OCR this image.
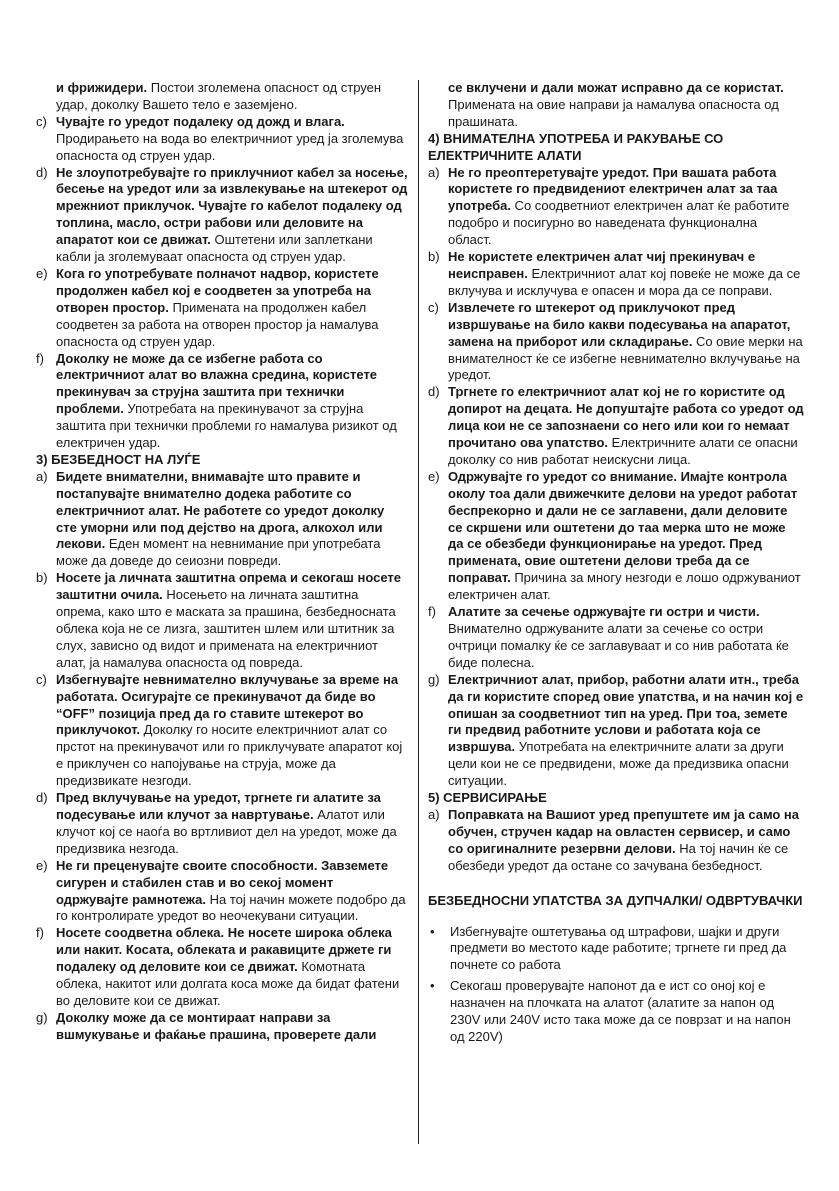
и фрижидери. Постои зголемена опасност од струен удар, доколку Вашето тело е заземјено.
c) Чувајте го уредот подалеку од дожд и влага. Продирањето на вода во електричниот уред ја зголемува опасноста од струен удар.
d) Не злоупотребувајте го приклучниот кабел за носење, бесење на уредот или за извлекување на штекерот од мрежниот приклучок. Чувајте го кабелот подалеку од топлина, масло, остри рабови или деловите на апаратот кои се движат. Оштетени или заплеткани кабли ја зголемуваат опасноста од струен удар.
e) Кога го употребувате полначот надвор, користете продолжен кабел кој е соодветен за употреба на отворен простор. Примената на продолжен кабел соодветен за работа на отворен простор ја намалува опасноста од струен удар.
f) Доколку не може да се избегне работа со електричниот алат во влажна средина, користете прекинувач за струјна заштита при технички проблеми. Употребата на прекинувачот за струјна заштита при технички проблеми го намалува ризикот од електричен удар.
3) БЕЗБЕДНОСТ НА ЛУЃЕ
a) Бидете внимателни, внимавајте што правите и постапувајте внимателно додека работите со електричниот алат. Не работете со уредот доколку сте уморни или под дејство на дрога, алкохол или лекови. Еден момент на невнимание при употребата може да доведе до сеиозни повреди.
b) Носете ја личната заштитна опрема и секогаш носете заштитни очила. Носењето на личната заштитна опрема, како што е маската за прашина, безбедносната облека која не се лизга, заштитен шлем или штитник за слух, зависно од видот и примената на електричниот алат, ја намалува опасноста од повреда.
c) Избегнувајте невнимателно вклучување за време на работата. Осигурајте се прекинувачот да биде во “OFF” позиција пред да го ставите штекерот во приклучокот. Доколку го носите електричниот алат со прстот на прекинувачот или го приклучувате апаратот кој е приклучен со напојување на струја, може да предизвикате незгоди.
d) Пред вклучување на уредот, тргнете ги алатите за подесување или клучот за навртување. Алатот или клучот кој се наоѓа во вртливиот дел на уредот, може да предизвика незгода.
e) Не ги преценувајте своите способности. Завземете сигурен и стабилен став и во секој момент одржувајте рамнотежа. На тој начин можете подобро да го контролирате уредот во неочекувани ситуации.
f) Носете соодветна облека. Не носете широка облека или накит. Косата, облеката и ракавиците држете ги подалеку од деловите кои се движат. Комотната облека, накитот или долгата коса може да бидат фатени во деловите кои се движат.
g) Доколку може да се монтираат направи за вшмукување и фаќање прашина, проверете дали
се вклучени и дали можат исправно да се користат. Примената на овие направи ја намалува опасноста од прашината.
4) ВНИМАТЕЛНА УПОТРЕБА И РАКУВАЊЕ СО ЕЛЕКТРИЧНИТЕ АЛАТИ
a) Не го преоптеретувајте уредот. При вашата работа користете го предвидениот електричен алат за таа употреба. Со соодветниот електричен алат ќе работите подобро и посигурно во наведената функционална област.
b) Не користете електричен алат чиј прекинувач е неисправен. Електричниот алат кој повеќе не може да се вклучува и исклучува е опасен и мора да се поправи.
c) Извлечете го штекерот од приклучокот пред извршување на било какви подесувања на апаратот, замена на приборот или складирање. Со овие мерки на внимателност ќе се избегне невнимателно вклучување на уредот.
d) Тргнете го електричниот алат кој не го користите од допирот на децата. Не допуштајте работа со уредот од лица кои не се запознаени со него или кои го немаат прочитано ова упатство. Електричните алати се опасни доколку со нив работат неискусни лица.
e) Одржувајте го уредот со внимание. Имајте контрола околу тоа дали движечките делови на уредот работат беспрекорно и дали не се заглавени, дали деловите се скршени или оштетени до таа мерка што не може да се обезбеди функционирање на уредот. Пред примената, овие оштетени делови треба да се поправат. Причина за многу незгоди е лошо одржуваниот електричен алат.
f) Алатите за сечење одржувајте ги остри и чисти. Внимателно одржуваните алати за сечење со остри очтрици помалку ќе се заглавуваат и со нив работата ќе биде полесна.
g) Електричниот алат, прибор, работни алати итн., треба да ги користите според овие упатства, и на начин кој е опишан за соодветниот тип на уред. При тоа, земете ги предвид работните услови и работата која се извршува. Употребата на електричните алати за други цели кои не се предвидени, може да предизвика опасни ситуации.
5) СЕРВИСИРАЊЕ
a) Поправката на Вашиот уред препуштете им ја само на обучен, стручен кадар на овластен сервисер, и само со оригиналните резервни делови. На тој начин ќе се обезбеди уредот да остане со зачувана безбедност.
БЕЗБЕДНОСНИ УПАТСТВА ЗА ДУПЧАЛКИ/ ОДВРТУВАЧКИ
•	Избегнувајте оштетувања од штрафови, шајки и други предмети во местото каде работите; тргнете ги пред да почнете со работа
•	Секогаш проверувајте напонот да е ист со оној кој е назначен на плочката на алатот (алатите за напон од 230V или 240V исто така може да се поврзат и на напон од 220V)
